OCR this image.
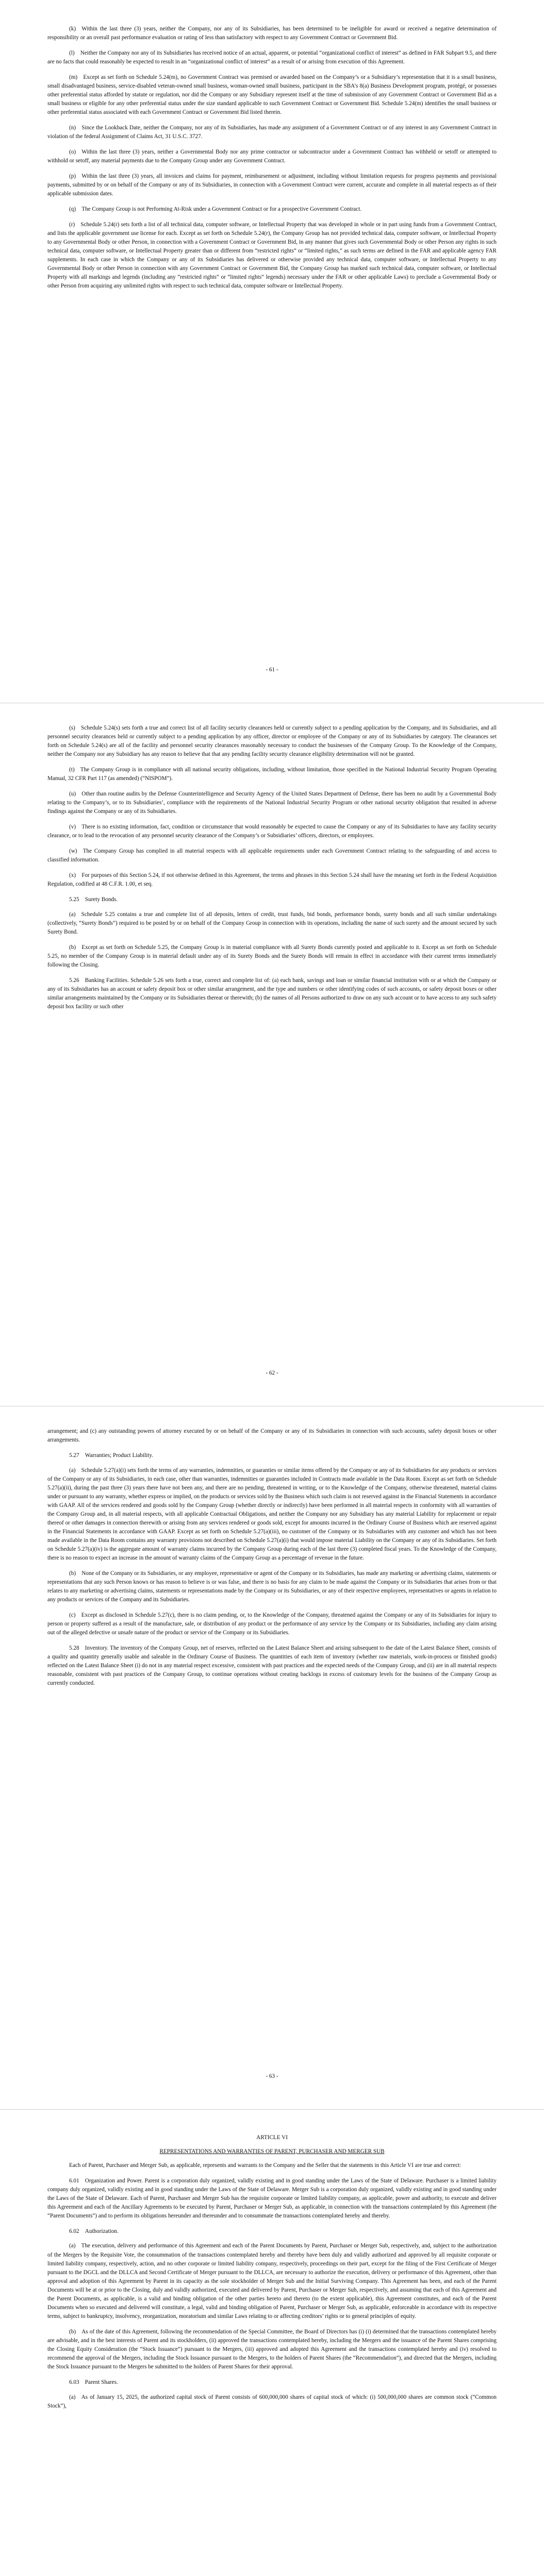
(k) Within the last three (3) years, neither the Company, nor any of its Subsidiaries, has been determined to be ineligible for award or received a negative determination of responsibility or an overall past performance evaluation or rating of less than satisfactory with respect to any Government Contract or Government Bid.

(l) Neither the Company nor any of its Subsidiaries has received notice of an actual, apparent, or potential “organizational conflict of interest” as defined in FAR Subpart 9.5, and there are no facts that could reasonably be expected to result in an “organizational conflict of interest” as a result of or arising from execution of this Agreement.

(m) Except as set forth on Schedule 5.24(m), no Government Contract was premised or awarded based on the Company’s or a Subsidiary’s representation that it is a small business, small disadvantaged business, service-disabled veteran-owned small business, woman-owned small business, participant in the SBA’s 8(a) Business Development program, protégé, or possesses other preferential status afforded by statute or regulation, nor did the Company or any Subsidiary represent itself at the time of submission of any Government Contract or Government Bid as a small business or eligible for any other preferential status under the size standard applicable to such Government Contract or Government Bid. Schedule 5.24(m) identifies the small business or other preferential status associated with each Government Contract or Government Bid listed therein.

(n) Since the Lookback Date, neither the Company, nor any of its Subsidiaries, has made any assignment of a Government Contract or of any interest in any Government Contract in violation of the federal Assignment of Claims Act, 31 U.S.C. 3727.

(o) Within the last three (3) years, neither a Governmental Body nor any prime contractor or subcontractor under a Government Contract has withheld or setoff or attempted to withhold or setoff, any material payments due to the Company Group under any Government Contract.

(p) Within the last three (3) years, all invoices and claims for payment, reimbursement or adjustment, including without limitation requests for progress payments and provisional payments, submitted by or on behalf of the Company or any of its Subsidiaries, in connection with a Government Contract were current, accurate and complete in all material respects as of their applicable submission dates.

(q) The Company Group is not Performing At-Risk under a Government Contract or for a prospective Government Contract.

(r) Schedule 5.24(r) sets forth a list of all technical data, computer software, or Intellectual Property that was developed in whole or in part using funds from a Government Contract, and lists the applicable government use license for each. Except as set forth on Schedule 5.24(r), the Company Group has not provided technical data, computer software, or Intellectual Property to any Governmental Body or other Person, in connection with a Government Contract or Government Bid, in any manner that gives such Governmental Body or other Person any rights in such technical data, computer software, or Intellectual Property greater than or different from “restricted rights” or “limited rights,” as such terms are defined in the FAR and applicable agency FAR supplements. In each case in which the Company or any of its Subsidiaries has delivered or otherwise provided any technical data, computer software, or Intellectual Property to any Governmental Body or other Person in connection with any Government Contract or Government Bid, the Company Group has marked such technical data, computer software, or Intellectual Property with all markings and legends (including any “restricted rights” or “limited rights” legends) necessary under the FAR or other applicable Laws) to preclude a Governmental Body or other Person from acquiring any unlimited rights with respect to such technical data, computer software or Intellectual Property.

- 61 -

(s) Schedule 5.24(s) sets forth a true and correct list of all facility security clearances held or currently subject to a pending application by the Company, and its Subsidiaries, and all personnel security clearances held or currently subject to a pending application by any officer, director or employee of the Company or any of its Subsidiaries by category. The clearances set forth on Schedule 5.24(s) are all of the facility and personnel security clearances reasonably necessary to conduct the businesses of the Company Group. To the Knowledge of the Company, neither the Company nor any Subsidiary has any reason to believe that that any pending facility security clearance eligibility determination will not be granted.

(t) The Company Group is in compliance with all national security obligations, including, without limitation, those specified in the National Industrial Security Program Operating Manual, 32 CFR Part 117 (as amended) (“NISPOM”).

(u) Other than routine audits by the Defense Counterintelligence and Security Agency of the United States Department of Defense, there has been no audit by a Governmental Body relating to the Company’s, or to its Subsidiaries’, compliance with the requirements of the National Industrial Security Program or other national security obligation that resulted in adverse findings against the Company or any of its Subsidiaries.

(v) There is no existing information, fact, condition or circumstance that would reasonably be expected to cause the Company or any of its Subsidiaries to have any facility security clearance, or to lead to the revocation of any personnel security clearance of the Company’s or Subsidiaries’ officers, directors, or employees.

(w) The Company Group has complied in all material respects with all applicable requirements under each Government Contract relating to the safeguarding of and access to classified information.

(x) For purposes of this Section 5.24, if not otherwise defined in this Agreement, the terms and phrases in this Section 5.24 shall have the meaning set forth in the Federal Acquisition Regulation, codified at 48 C.F.R. 1.00, et seq.

5.25 Surety Bonds.

(a) Schedule 5.25 contains a true and complete list of all deposits, letters of credit, trust funds, bid bonds, performance bonds, surety bonds and all such similar undertakings (collectively, “Surety Bonds”) required to be posted by or on behalf of the Company Group in connection with its operations, including the name of such surety and the amount secured by such Surety Bond.

(b) Except as set forth on Schedule 5.25, the Company Group is in material compliance with all Surety Bonds currently posted and applicable to it. Except as set forth on Schedule 5.25, no member of the Company Group is in material default under any of its Surety Bonds and the Surety Bonds will remain in effect in accordance with their current terms immediately following the Closing.

5.26 Banking Facilities. Schedule 5.26 sets forth a true, correct and complete list of: (a) each bank, savings and loan or similar financial institution with or at which the Company or any of its Subsidiaries has an account or safety deposit box or other similar arrangement, and the type and numbers or other identifying codes of such accounts, or safety deposit boxes or other similar arrangements maintained by the Company or its Subsidiaries thereat or therewith; (b) the names of all Persons authorized to draw on any such account or to have access to any such safety deposit box facility or such other

- 62 -

arrangement; and (c) any outstanding powers of attorney executed by or on behalf of the Company or any of its Subsidiaries in connection with such accounts, safety deposit boxes or other arrangements.

5.27 Warranties; Product Liability.

(a) Schedule 5.27(a)(i) sets forth the terms of any warranties, indemnities, or guaranties or similar items offered by the Company or any of its Subsidiaries for any products or services of the Company or any of its Subsidiaries, in each case, other than warranties, indemnities or guaranties included in Contracts made available in the Data Room. Except as set forth on Schedule 5.27(a)(ii), during the past three (3) years there have not been any, and there are no pending, threatened in writing, or to the Knowledge of the Company, otherwise threatened, material claims under or pursuant to any warranty, whether express or implied, on the products or services sold by the Business which such claim is not reserved against in the Financial Statements in accordance with GAAP. All of the services rendered and goods sold by the Company Group (whether directly or indirectly) have been performed in all material respects in conformity with all warranties of the Company Group and, in all material respects, with all applicable Contractual Obligations, and neither the Company nor any Subsidiary has any material Liability for replacement or repair thereof or other damages in connection therewith or arising from any services rendered or goods sold, except for amounts incurred in the Ordinary Course of Business which are reserved against in the Financial Statements in accordance with GAAP. Except as set forth on Schedule 5.27(a)(iii), no customer of the Company or its Subsidiaries with any customer and which has not been made available in the Data Room contains any warranty provisions not described on Schedule 5.27(a)(i) that would impose material Liability on the Company or any of its Subsidiaries. Set forth on Schedule 5.27(a)(iv) is the aggregate amount of warranty claims incurred by the Company Group during each of the last three (3) completed fiscal years. To the Knowledge of the Company, there is no reason to expect an increase in the amount of warranty claims of the Company Group as a percentage of revenue in the future.

(b) None of the Company or its Subsidiaries, or any employee, representative or agent of the Company or its Subsidiaries, has made any marketing or advertising claims, statements or representations that any such Person knows or has reason to believe is or was false, and there is no basis for any claim to be made against the Company or its Subsidiaries that arises from or that relates to any marketing or advertising claims, statements or representations made by the Company or its Subsidiaries, or any of their respective employees, representatives or agents in relation to any products or services of the Company and its Subsidiaries.

(c) Except as disclosed in Schedule 5.27(c), there is no claim pending, or, to the Knowledge of the Company, threatened against the Company or any of its Subsidiaries for injury to person or property suffered as a result of the manufacture, sale, or distribution of any product or the performance of any service by the Company or its Subsidiaries, including any claim arising out of the alleged defective or unsafe nature of the product or service of the Company or its Subsidiaries.

5.28 Inventory. The inventory of the Company Group, net of reserves, reflected on the Latest Balance Sheet and arising subsequent to the date of the Latest Balance Sheet, consists of a quality and quantity generally usable and saleable in the Ordinary Course of Business. The quantities of each item of inventory (whether raw materials, work-in-process or finished goods) reflected on the Latest Balance Sheet (i) do not in any material respect excessive, consistent with past practices and the expected needs of the Company Group, and (ii) are in all material respects reasonable, consistent with past practices of the Company Group, to continue operations without creating backlogs in excess of customary levels for the business of the Company Group as currently conducted.

- 63 -
ARTICLE VI
REPRESENTATIONS AND WARRANTIES OF PARENT, PURCHASER AND MERGER SUB

Each of Parent, Purchaser and Merger Sub, as applicable, represents and warrants to the Company and the Seller that the statements in this Article VI are true and correct:

6.01 Organization and Power. Parent is a corporation duly organized, validly existing and in good standing under the Laws of the State of Delaware. Purchaser is a limited liability company duly organized, validly existing and in good standing under the Laws of the State of Delaware. Merger Sub is a corporation duly organized, validly existing and in good standing under the Laws of the State of Delaware. Each of Parent, Purchaser and Merger Sub has the requisite corporate or limited liability company, as applicable, power and authority, to execute and deliver this Agreement and each of the Ancillary Agreements to be executed by Parent, Purchaser or Merger Sub, as applicable, in connection with the transactions contemplated by this Agreement (the “Parent Documents”) and to perform its obligations hereunder and thereunder and to consummate the transactions contemplated hereby and thereby.

6.02 Authorization.

(a) The execution, delivery and performance of this Agreement and each of the Parent Documents by Parent, Purchaser or Merger Sub, respectively, and, subject to the authorization of the Mergers by the Requisite Vote, the consummation of the transactions contemplated hereby and thereby have been duly and validly authorized and approved by all requisite corporate or limited liability company, respectively, action, and no other corporate or limited liability company, respectively, proceedings on their part, except for the filing of the First Certificate of Merger pursuant to the DGCL and the DLLCA and Second Certificate of Merger pursuant to the DLLCA, are necessary to authorize the execution, delivery or performance of this Agreement, other than approval and adoption of this Agreement by Parent in its capacity as the sole stockholder of Merger Sub and the Initial Surviving Company. This Agreement has been, and each of the Parent Documents will be at or prior to the Closing, duly and validly authorized, executed and delivered by Parent, Purchaser or Merger Sub, respectively, and assuming that each of this Agreement and the Parent Documents, as applicable, is a valid and binding obligation of the other parties hereto and thereto (to the extent applicable), this Agreement constitutes, and each of the Parent Documents when so executed and delivered will constitute, a legal, valid and binding obligation of Parent, Purchaser or Merger Sub, as applicable, enforceable in accordance with its respective terms, subject to bankruptcy, insolvency, reorganization, moratorium and similar Laws relating to or affecting creditors’ rights or to general principles of equity.

(b) As of the date of this Agreement, following the recommendation of the Special Committee, the Board of Directors has (i) (i) determined that the transactions contemplated hereby are advisable, and in the best interests of Parent and its stockholders, (ii) approved the transactions contemplated hereby, including the Mergers and the issuance of the Parent Shares comprising the Closing Equity Consideration (the “Stock Issuance”) pursuant to the Mergers, (iii) approved and adopted this Agreement and the transactions contemplated hereby and (iv) resolved to recommend the approval of the Mergers, including the Stock Issuance pursuant to the Mergers, to the holders of Parent Shares (the “Recommendation”), and directed that the Mergers, including the Stock Issuance pursuant to the Mergers be submitted to the holders of Parent Shares for their approval.

6.03 Parent Shares.

(a) As of January 15, 2025, the authorized capital stock of Parent consists of 600,000,000 shares of capital stock of which: (i) 500,000,000 shares are common stock (“Common Stock”),
